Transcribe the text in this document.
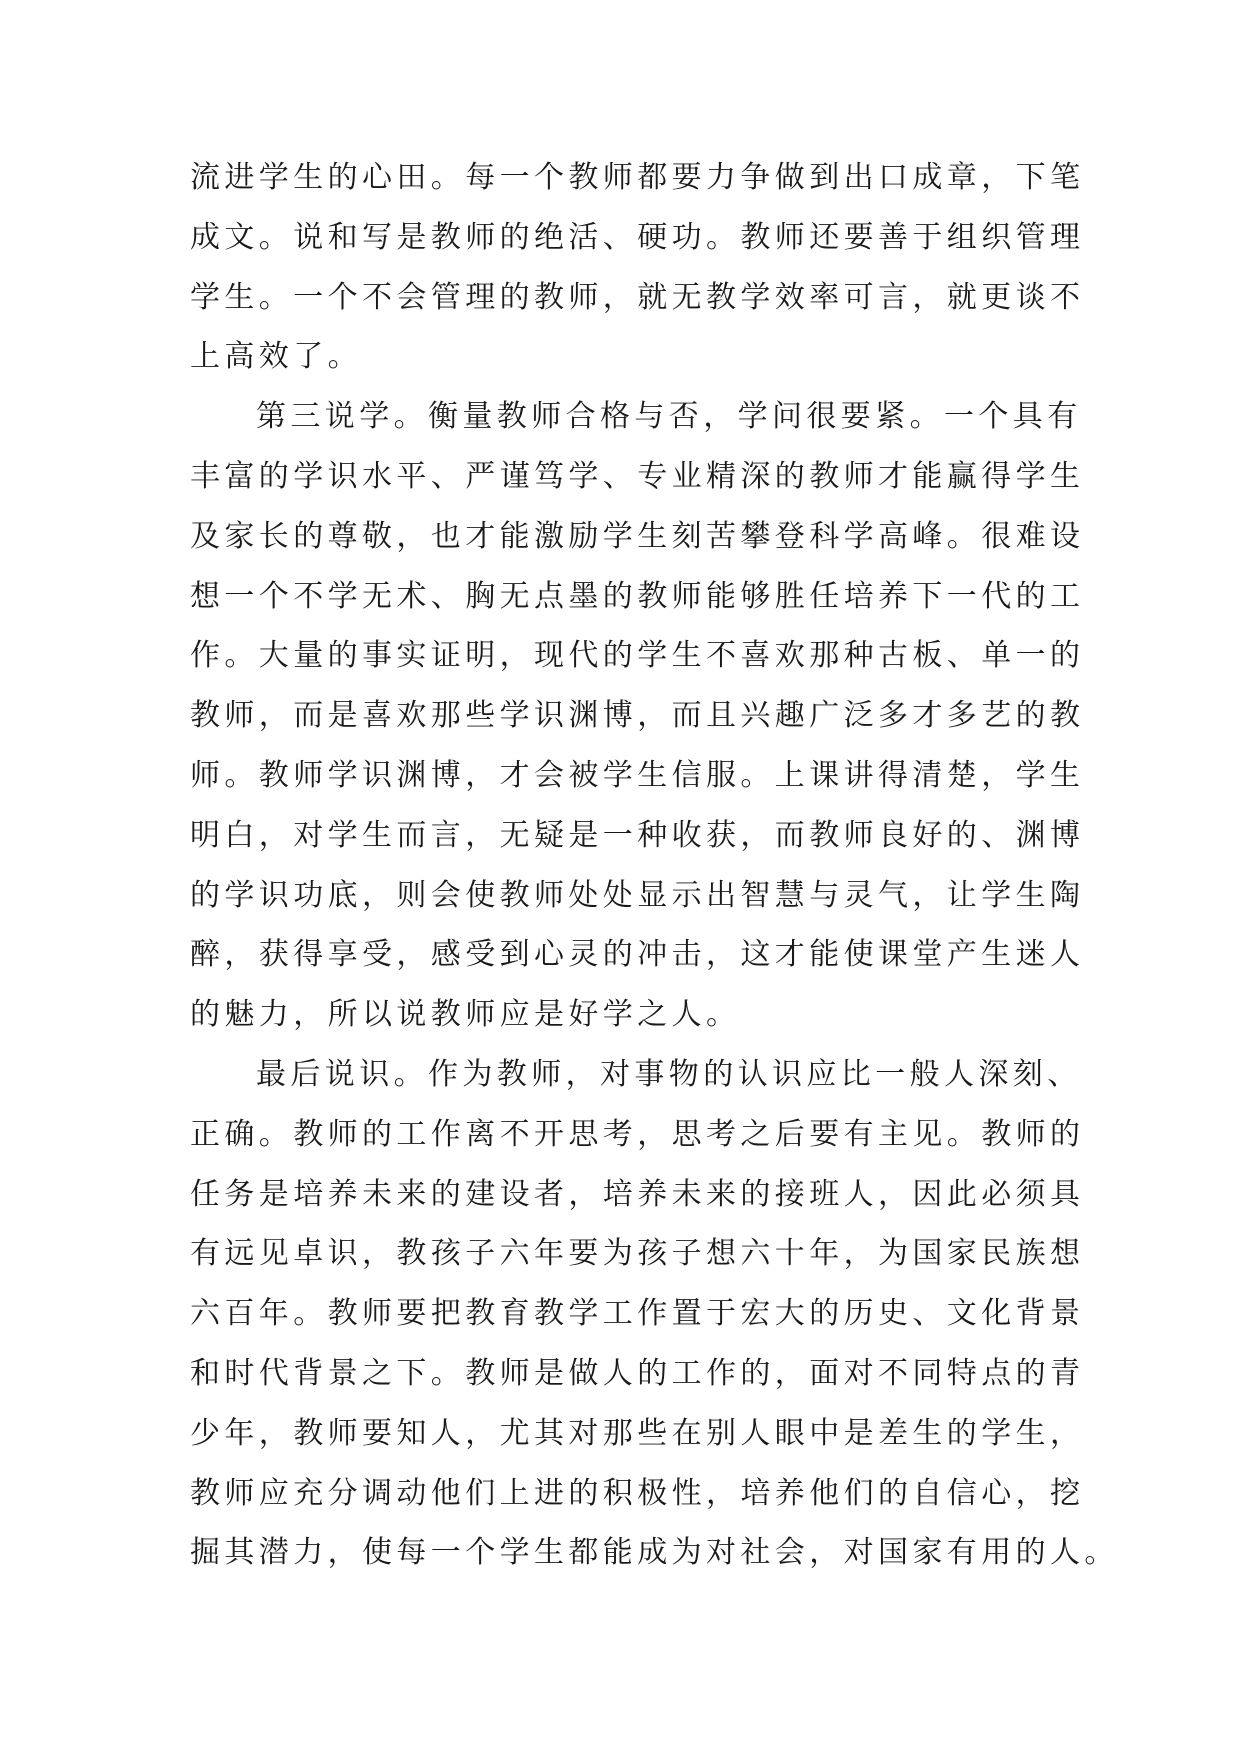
流进学生的心田。每一个教师都要力争做到出口成章，下笔
成文。说和写是教师的绝活、硬功。教师还要善于组织管理
学生。一个不会管理的教师，就无教学效率可言，就更谈不
上高效了。
第三说学。衡量教师合格与否，学问很要紧。一个具有
丰富的学识水平、严谨笃学、专业精深的教师才能赢得学生
及家长的尊敬，也才能激励学生刻苦攀登科学高峰。很难设
想一个不学无术、胸无点墨的教师能够胜任培养下一代的工
作。大量的事实证明，现代的学生不喜欢那种古板、单一的
教师，而是喜欢那些学识渊博，而且兴趣广泛多才多艺的教
师。教师学识渊博，才会被学生信服。上课讲得清楚，学生
明白，对学生而言，无疑是一种收获，而教师良好的、渊博
的学识功底，则会使教师处处显示出智慧与灵气，让学生陶
醉，获得享受，感受到心灵的冲击，这才能使课堂产生迷人
的魅力，所以说教师应是好学之人。
最后说识。作为教师，对事物的认识应比一般人深刻、
正确。教师的工作离不开思考，思考之后要有主见。教师的
任务是培养未来的建设者，培养未来的接班人，因此必须具
有远见卓识，教孩子六年要为孩子想六十年，为国家民族想
六百年。教师要把教育教学工作置于宏大的历史、文化背景
和时代背景之下。教师是做人的工作的，面对不同特点的青
少年，教师要知人，尤其对那些在别人眼中是差生的学生，
教师应充分调动他们上进的积极性，培养他们的自信心，挖
掘其潜力，使每一个学生都能成为对社会，对国家有用的人。
